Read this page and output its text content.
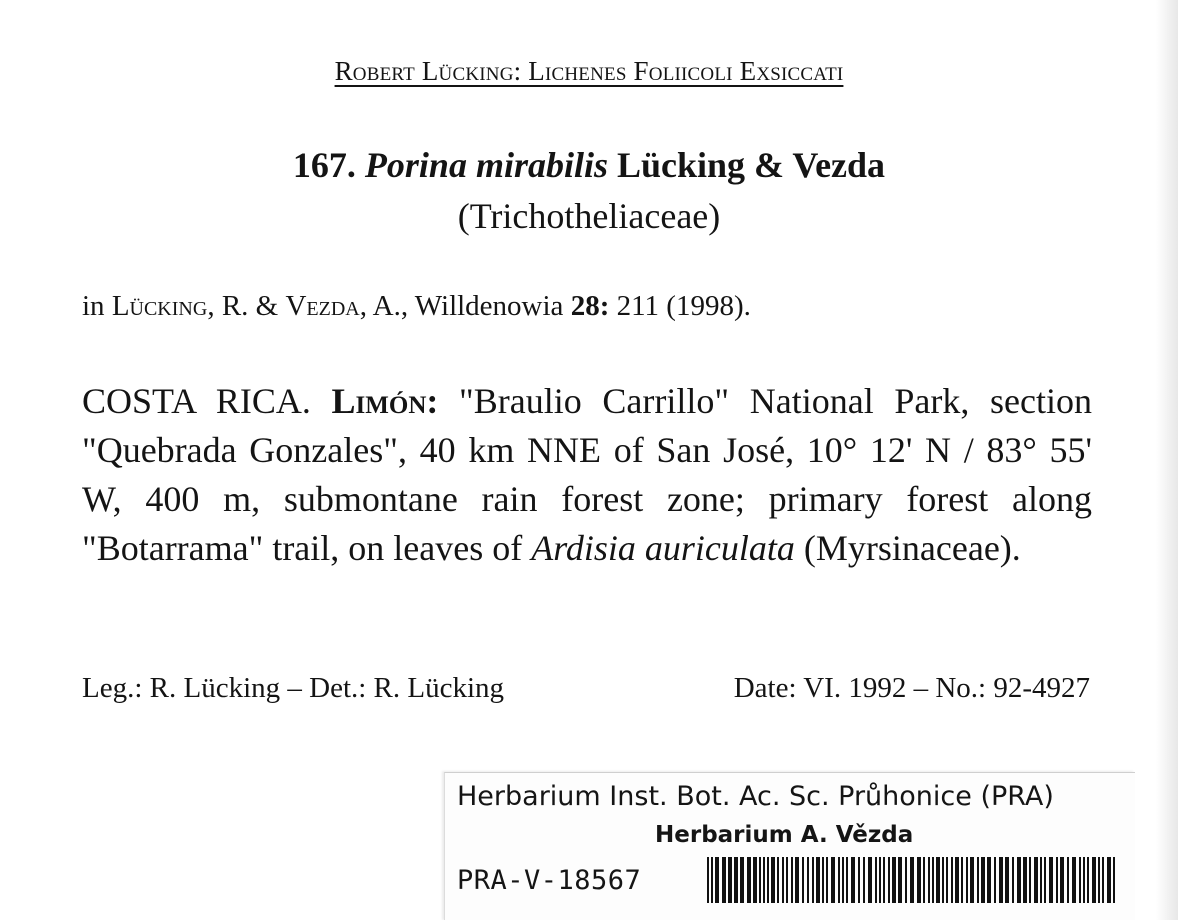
Robert Lücking: Lichenes Foliicoli Exsiccati
167. Porina mirabilis Lücking & Vezda
(Trichotheliaceae)
in Lücking, R. & Vezda, A., Willdenowia 28: 211 (1998).
COSTA RICA. Limón: "Braulio Carrillo" National Park, section "Quebrada Gonzales", 40 km NNE of San José, 10° 12' N / 83° 55' W, 400 m, submontane rain forest zone; primary forest along "Botarrama" trail, on leaves of Ardisia auriculata (Myrsinaceae).
Leg.: R. Lücking – Det.: R. Lücking	Date: VI. 1992 – No.: 92-4927
Herbarium Inst. Bot. Ac. Sc. Průhonice (PRA)
Herbarium A. Vězda
PRA-V-18567
